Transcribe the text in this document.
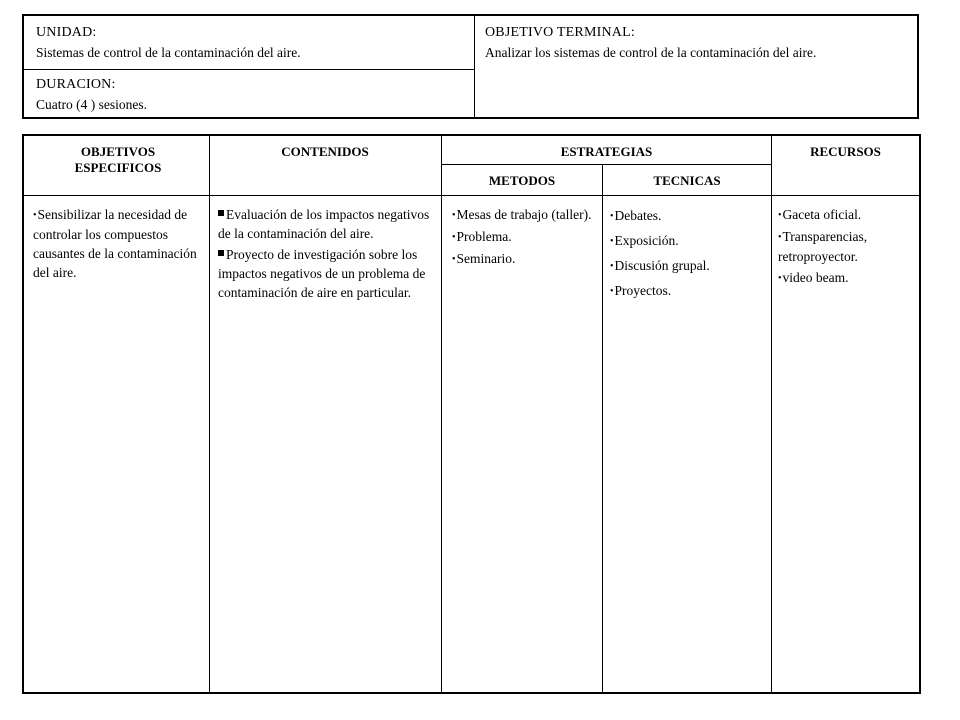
UNIDAD:
Sistemas de control de la contaminación del aire.
DURACION:
Cuatro (4 ) sesiones.
OBJETIVO TERMINAL:
Analizar los sistemas de control de la contaminación del aire.
OBJETIVOS ESPECIFICOS
CONTENIDOS	ESTRATEGIAS
METODOS	TECNICAS
RECURSOS

•Sensibilizar la necesidad de controlar los compuestos causantes de la contaminación del aire.

Evaluación de los impactos negativos de la contaminación del aire.

Proyecto de investigación sobre los impactos negativos de un problema de contaminación de aire en particular.

•Mesas de trabajo (taller).

•Problema.

•Seminario.

•Debates.

•Exposición.

•Discusión grupal.

•Proyectos.

•Gaceta oficial.

•Transparencias, retroproyector.

•video beam.
